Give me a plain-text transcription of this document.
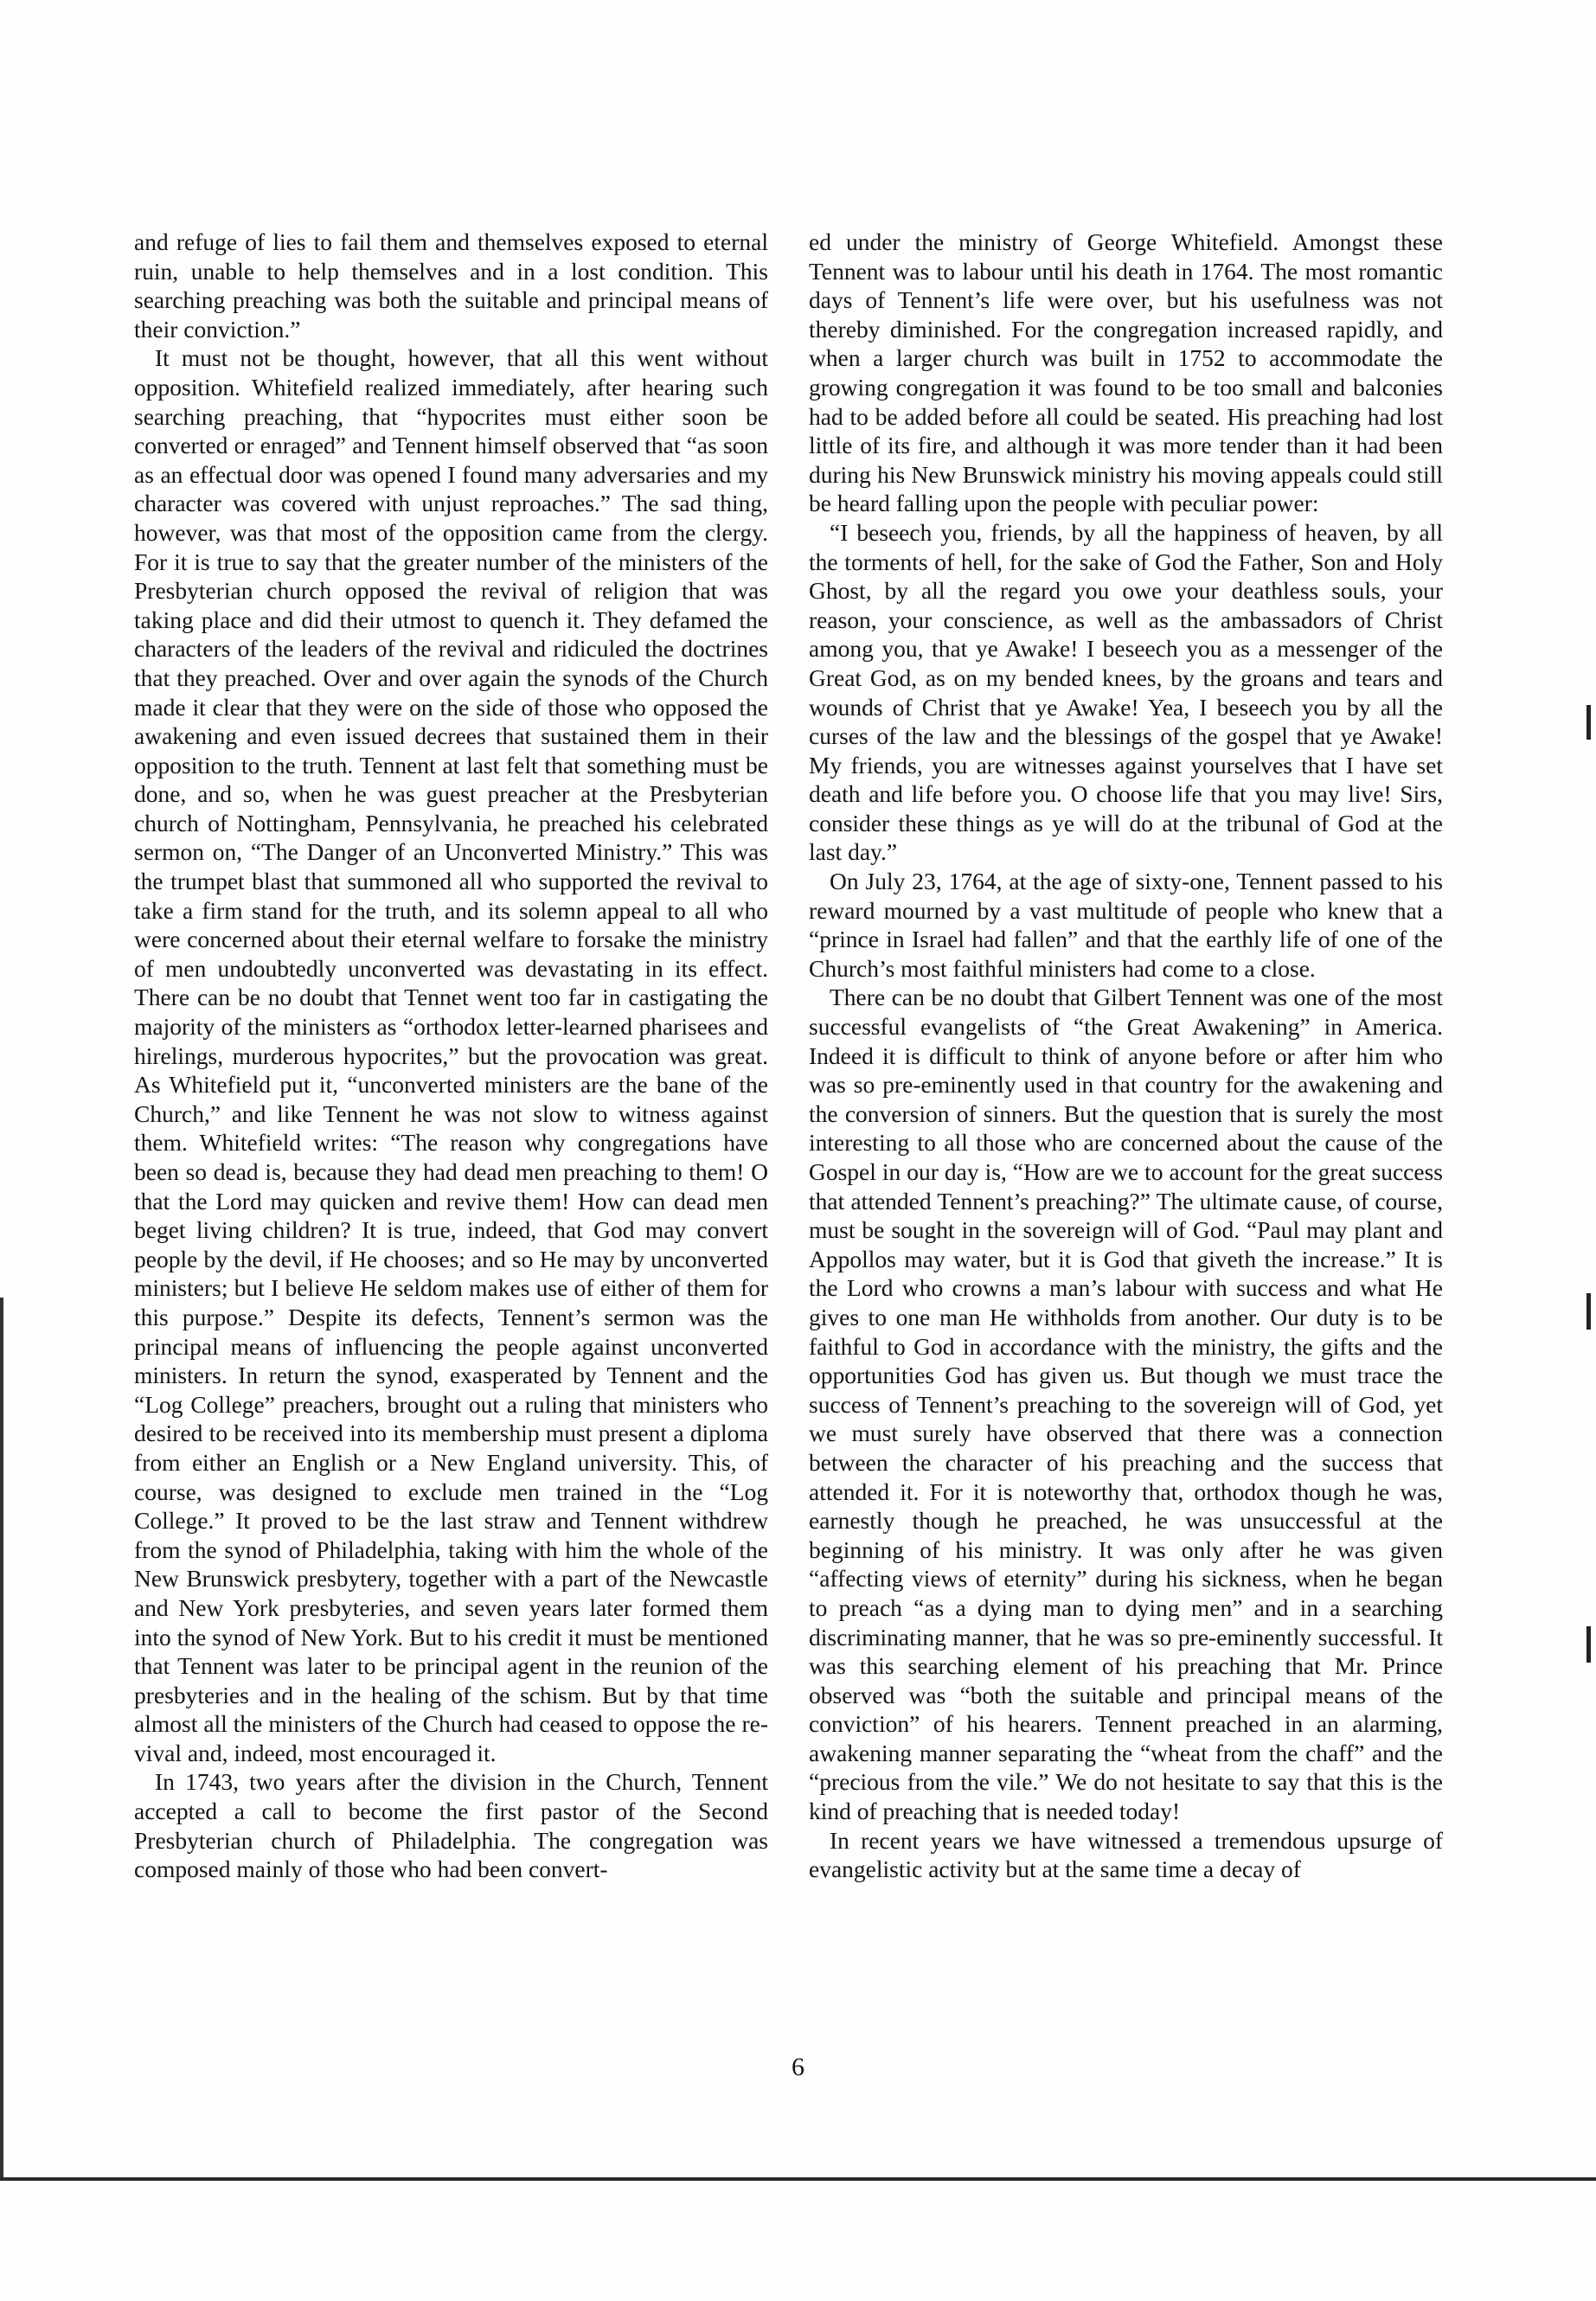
and refuge of lies to fail them and themselves exposed to eternal ruin, unable to help themselves and in a lost condition. This searching preaching was both the suitable and principal means of their conviction.”

It must not be thought, however, that all this went without opposition. Whitefield realized immediately, after hearing such searching preaching, that “hypocrites must either soon be converted or enraged” and Tennent himself observed that “as soon as an effectual door was opened I found many adversaries and my character was covered with unjust reproaches.” The sad thing, however, was that most of the opposition came from the clergy. For it is true to say that the greater number of the ministers of the Presbyterian church opposed the revival of religion that was taking place and did their utmost to quench it. They defamed the characters of the leaders of the revival and ridiculed the doctrines that they preached. Over and over again the synods of the Church made it clear that they were on the side of those who opposed the awakening and even issued decrees that sustained them in their opposition to the truth. Tennent at last felt that something must be done, and so, when he was guest preacher at the Presbyterian church of Nottingham, Pennsylvania, he preached his celebrated sermon on, “The Danger of an Unconverted Ministry.” This was the trumpet blast that summoned all who supported the revival to take a firm stand for the truth, and its solemn appeal to all who were concerned about their eternal welfare to forsake the ministry of men undoubtedly unconverted was devastating in its effect. There can be no doubt that Tennet went too far in castigating the majority of the ministers as “orthodox letter-learned pharisees and hirelings, murderous hypocrites,” but the provocation was great. As Whitefield put it, “unconverted ministers are the bane of the Church,” and like Tennent he was not slow to witness against them. Whitefield writes: “The reason why congregations have been so dead is, because they had dead men preaching to them! O that the Lord may quicken and revive them! How can dead men beget living children? It is true, indeed, that God may convert people by the devil, if He chooses; and so He may by unconverted ministers; but I believe He seldom makes use of either of them for this purpose.” Despite its defects, Tennent’s sermon was the principal means of influencing the people against unconverted ministers. In return the synod, exasperated by Tennent and the “Log College” preachers, brought out a ruling that ministers who desired to be received into its membership must present a diploma from either an English or a New England university. This, of course, was designed to exclude men trained in the “Log College.” It proved to be the last straw and Tennent withdrew from the synod of Philadelphia, taking with him the whole of the New Brunswick presbytery, together with a part of the Newcastle and New York presbyteries, and seven years later formed them into the synod of New York. But to his credit it must be mentioned that Tennent was later to be principal agent in the reunion of the presbyteries and in the healing of the schism. But by that time almost all the ministers of the Church had ceased to oppose the revival and, indeed, most encouraged it.

In 1743, two years after the division in the Church, Tennent accepted a call to become the first pastor of the Second Presbyterian church of Philadelphia. The congregation was composed mainly of those who had been convert-

ed under the ministry of George Whitefield. Amongst these Tennent was to labour until his death in 1764. The most romantic days of Tennent’s life were over, but his usefulness was not thereby diminished. For the congregation increased rapidly, and when a larger church was built in 1752 to accommodate the growing congregation it was found to be too small and balconies had to be added before all could be seated. His preaching had lost little of its fire, and although it was more tender than it had been during his New Brunswick ministry his moving appeals could still be heard falling upon the people with peculiar power:

“I beseech you, friends, by all the happiness of heaven, by all the torments of hell, for the sake of God the Father, Son and Holy Ghost, by all the regard you owe your deathless souls, your reason, your conscience, as well as the ambassadors of Christ among you, that ye Awake! I beseech you as a messenger of the Great God, as on my bended knees, by the groans and tears and wounds of Christ that ye Awake! Yea, I beseech you by all the curses of the law and the blessings of the gospel that ye Awake! My friends, you are witnesses against yourselves that I have set death and life before you. O choose life that you may live! Sirs, consider these things as ye will do at the tribunal of God at the last day.”

On July 23, 1764, at the age of sixty-one, Tennent passed to his reward mourned by a vast multitude of people who knew that a “prince in Israel had fallen” and that the earthly life of one of the Church’s most faithful ministers had come to a close.

There can be no doubt that Gilbert Tennent was one of the most successful evangelists of “the Great Awakening” in America. Indeed it is difficult to think of anyone before or after him who was so pre-eminently used in that country for the awakening and the conversion of sinners. But the question that is surely the most interesting to all those who are concerned about the cause of the Gospel in our day is, “How are we to account for the great success that attended Tennent’s preaching?” The ultimate cause, of course, must be sought in the sovereign will of God. “Paul may plant and Appollos may water, but it is God that giveth the increase.” It is the Lord who crowns a man’s labour with success and what He gives to one man He withholds from another. Our duty is to be faithful to God in accordance with the ministry, the gifts and the opportunities God has given us. But though we must trace the success of Tennent’s preaching to the sovereign will of God, yet we must surely have observed that there was a connection between the character of his preaching and the success that attended it. For it is noteworthy that, orthodox though he was, earnestly though he preached, he was unsuccessful at the beginning of his ministry. It was only after he was given “affecting views of eternity” during his sickness, when he began to preach “as a dying man to dying men” and in a searching discriminating manner, that he was so pre-eminently successful. It was this searching element of his preaching that Mr. Prince observed was “both the suitable and principal means of the conviction” of his hearers. Tennent preached in an alarming, awakening manner separating the “wheat from the chaff” and the “precious from the vile.” We do not hesitate to say that this is the kind of preaching that is needed today!

In recent years we have witnessed a tremendous upsurge of evangelistic activity but at the same time a decay of

6
